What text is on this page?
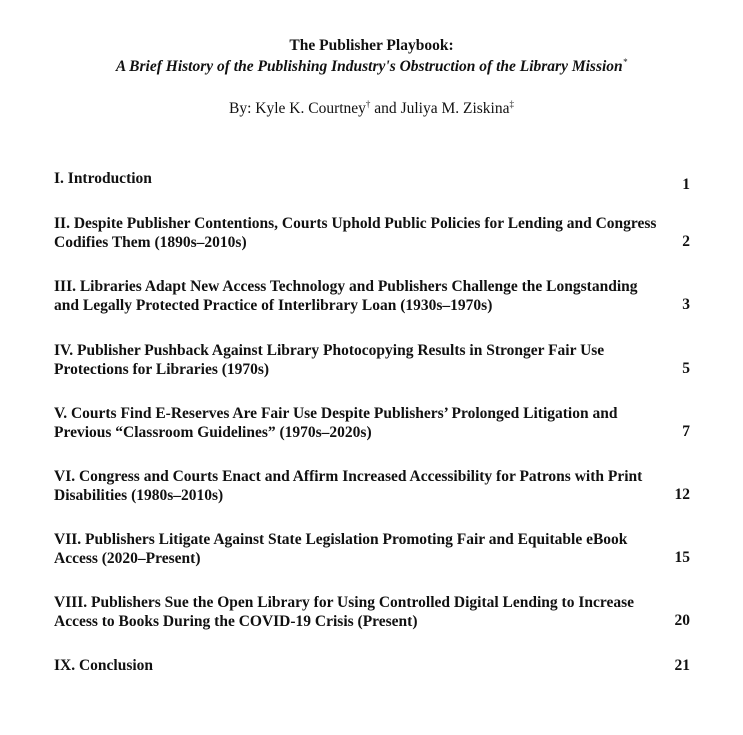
The Publisher Playbook:
A Brief History of the Publishing Industry's Obstruction of the Library Mission*
By: Kyle K. Courtney† and Juliya M. Ziskina‡
I. Introduction	1
II. Despite Publisher Contentions, Courts Uphold Public Policies for Lending and Congress Codifies Them (1890s–2010s)	2
III. Libraries Adapt New Access Technology and Publishers Challenge the Longstanding and Legally Protected Practice of Interlibrary Loan (1930s–1970s)	3
IV. Publisher Pushback Against Library Photocopying Results in Stronger Fair Use Protections for Libraries (1970s)	5
V. Courts Find E-Reserves Are Fair Use Despite Publishers’ Prolonged Litigation and Previous “Classroom Guidelines” (1970s–2020s)	7
VI. Congress and Courts Enact and Affirm Increased Accessibility for Patrons with Print Disabilities (1980s–2010s)	12
VII. Publishers Litigate Against State Legislation Promoting Fair and Equitable eBook Access (2020–Present)	15
VIII. Publishers Sue the Open Library for Using Controlled Digital Lending to Increase Access to Books During the COVID-19 Crisis (Present)	20
IX. Conclusion	21
